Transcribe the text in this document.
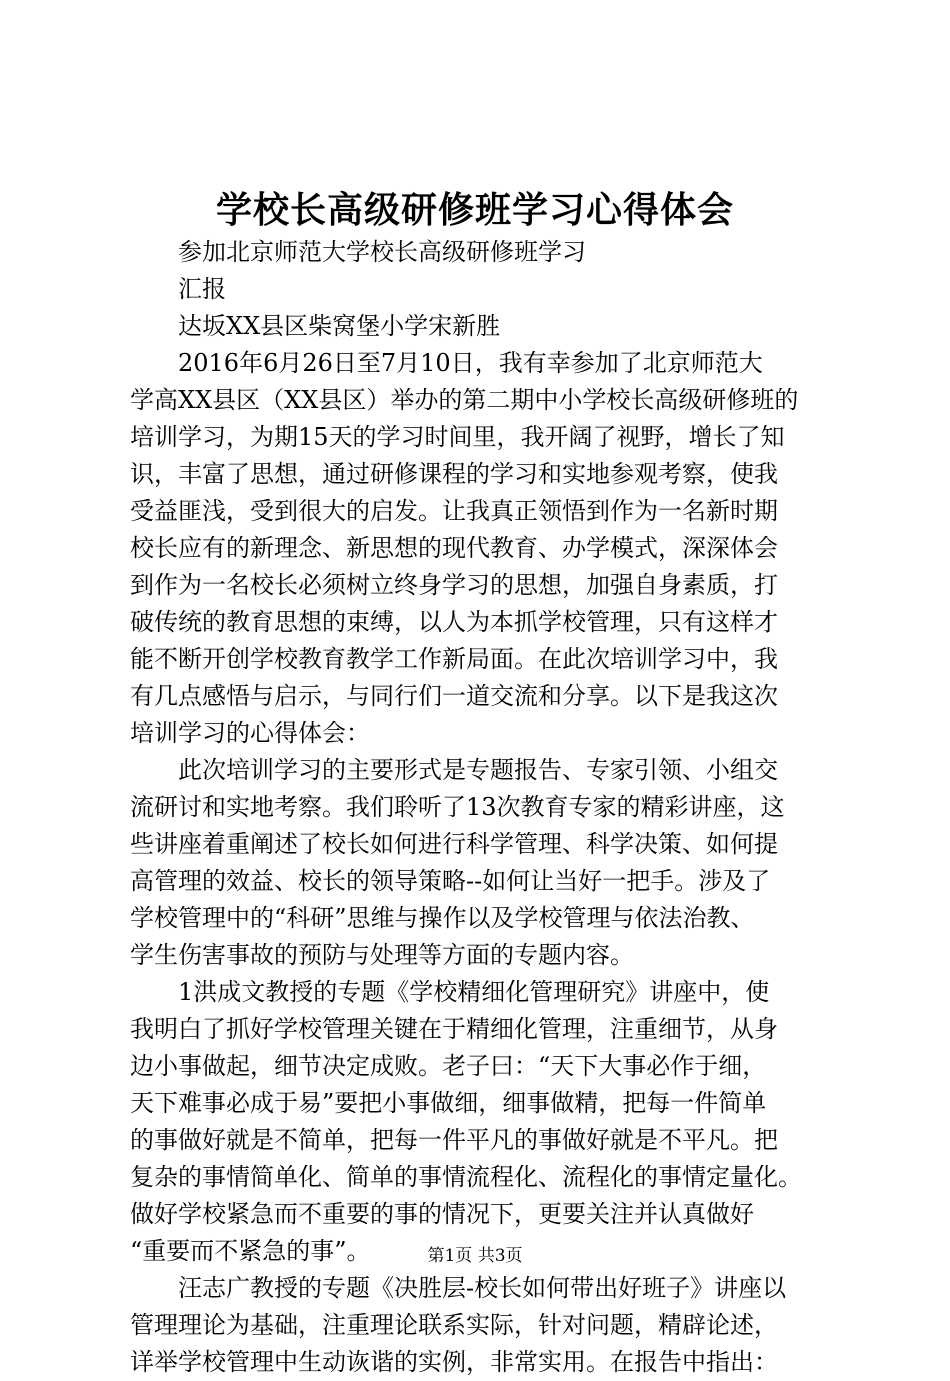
学校长高级研修班学习心得体会
参加北京师范大学校长高级研修班学习
汇报
达坂XX县区柴窝堡小学宋新胜
2016年6月26日至7月10日，我有幸参加了北京师范大
学高XX县区（XX县区）举办的第二期中小学校长高级研修班的
培训学习，为期15天的学习时间里，我开阔了视野，增长了知
识，丰富了思想，通过研修课程的学习和实地参观考察，使我
受益匪浅，受到很大的启发。让我真正领悟到作为一名新时期
校长应有的新理念、新思想的现代教育、办学模式，深深体会
到作为一名校长必须树立终身学习的思想，加强自身素质，打
破传统的教育思想的束缚，以人为本抓学校管理，只有这样才
能不断开创学校教育教学工作新局面。在此次培训学习中，我
有几点感悟与启示，与同行们一道交流和分享。以下是我这次
培训学习的心得体会：
此次培训学习的主要形式是专题报告、专家引领、小组交
流研讨和实地考察。我们聆听了13次教育专家的精彩讲座，这
些讲座着重阐述了校长如何进行科学管理、科学决策、如何提
高管理的效益、校长的领导策略--如何让当好一把手。涉及了
学校管理中的“科研”思维与操作以及学校管理与依法治教、
学生伤害事故的预防与处理等方面的专题内容。
1洪成文教授的专题《学校精细化管理研究》讲座中，使
我明白了抓好学校管理关键在于精细化管理，注重细节，从身
边小事做起，细节决定成败。老子曰：“天下大事必作于细，
天下难事必成于易”要把小事做细，细事做精，把每一件简单
的事做好就是不简单，把每一件平凡的事做好就是不平凡。把
复杂的事情简单化、简单的事情流程化、流程化的事情定量化。
做好学校紧急而不重要的事的情况下，更要关注并认真做好
“重要而不紧急的事”。
汪志广教授的专题《决胜层-校长如何带出好班子》讲座以
管理理论为基础，注重理论联系实际，针对问题，精辟论述，
详举学校管理中生动诙谐的实例，非常实用。在报告中指出：
第1页 共3页
